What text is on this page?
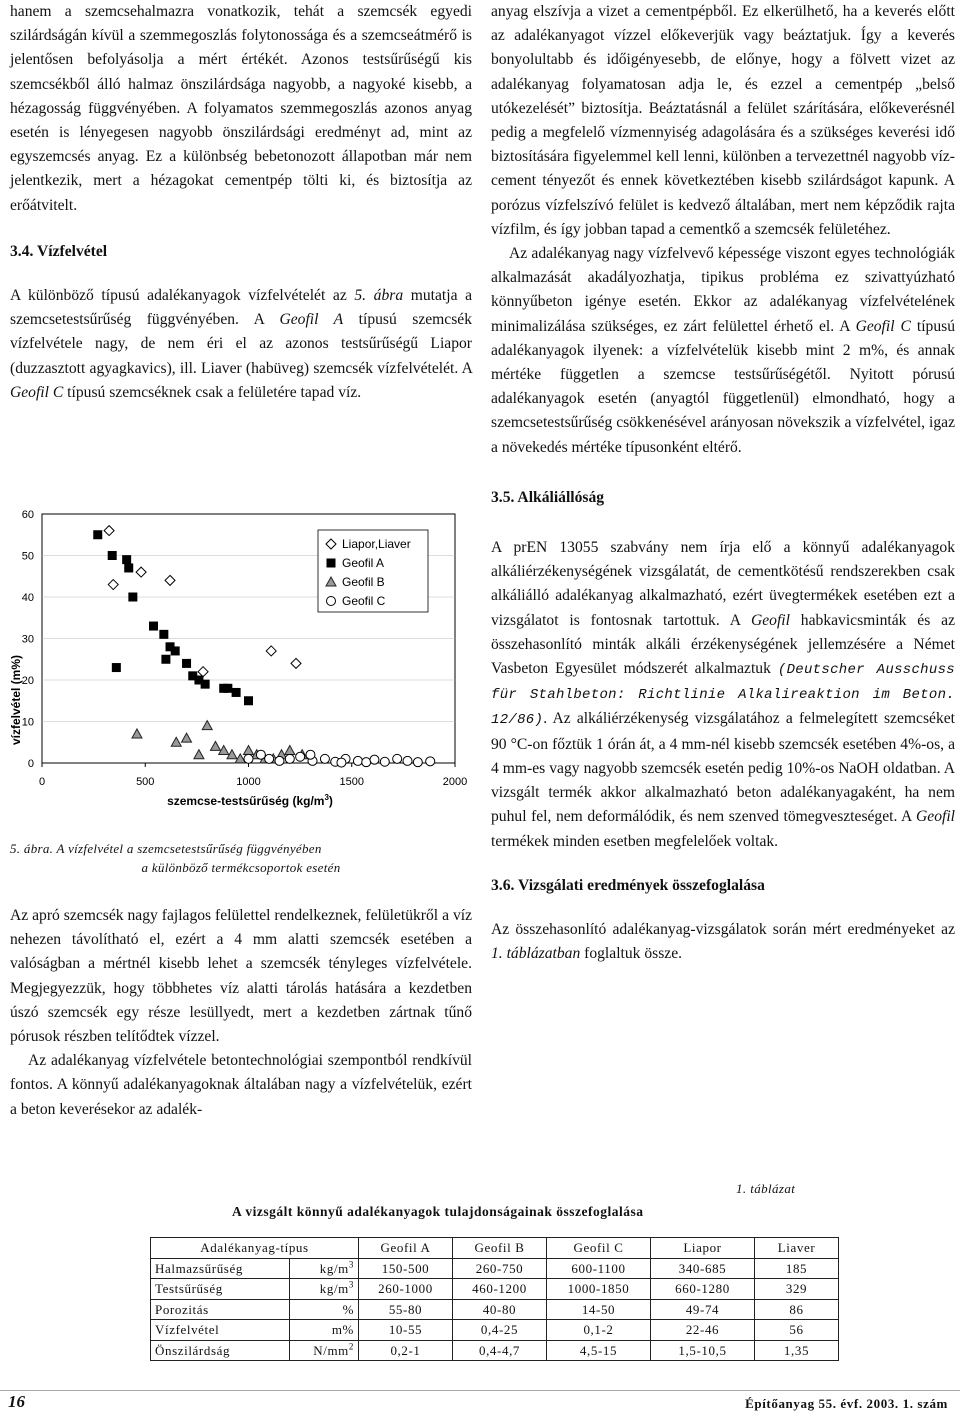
hanem a szemcsehalmazra vonatkozik, tehát a szemcsék egyedi szilárdságán kívül a szemmegoszlás folytonossága és a szemcseátmérő is jelentősen befolyásolja a mért értékét. Azonos testsűrűségű kis szemcsékből álló halmaz önszilárdsága nagyobb, a nagyoké kisebb, a hézagosság függvényében. A folyamatos szemmegoszlás azonos anyag esetén is lényegesen nagyobb önszilárdsági eredményt ad, mint az egyszemcsés anyag. Ez a különbség bebetonozott állapotban már nem jelentkezik, mert a hézagokat cementpép tölti ki, és biztosítja az erőátvitelt.

3.4. Vízfelvétel

A különböző típusú adalékanyagok vízfelvételét az 5. ábra mutatja a szemcsetestsűrűség függvényében. A Geofil A típusú szemcsék vízfelvétele nagy, de nem éri el az azonos testsűrűségű Liapor (duzzasztott agyagkavics), ill. Liaver (habüveg) szemcsék vízfelvételét. A Geofil C típusú szemcséknek csak a felületére tapad víz.

0
10
20
30
40
50
60
0	500	1000	1500	2000
Liapor,Liaver
Geofil A
Geofil B
Geofil C
vízfelvétel (m%)
szemcse-testsűrűség $(kg/m^3)$
5. ábra. A vízfelvétel a szemcsetestsűrűség függvényében
a különböző termékcsoportok esetén

Az apró szemcsék nagy fajlagos felülettel rendelkeznek, felületükről a víz nehezen távolítható el, ezért a 4 mm alatti szemcsék esetében a valóságban a mértnél kisebb lehet a szemcsék tényleges vízfelvétele. Megjegyezzük, hogy többhetes víz alatti tárolás hatására a kezdetben úszó szemcsék egy része lesüllyedt, mert a kezdetben zártnak tűnő pórusok részben telítődtek vízzel.

Az adalékanyag vízfelvétele betontechnológiai szempontból rendkívül fontos. A könnyű adalékanyagoknak általában nagy a vízfelvételük, ezért a beton keverésekor az adalék-

anyag elszívja a vizet a cementpépből. Ez elkerülhető, ha a keverés előtt az adalékanyagot vízzel előkeverjük vagy beáztatjuk. Így a keverés bonyolultabb és időigényesebb, de előnye, hogy a fölvett vizet az adalékanyag folyamatosan adja le, és ezzel a cementpép „belső utókezelését” biztosítja. Beáztatásnál a felület szárítására, előkeverésnél pedig a megfelelő vízmennyiség adagolására és a szükséges keverési idő biztosítására figyelemmel kell lenni, különben a tervezettnél nagyobb víz-cement tényezőt és ennek következtében kisebb szilárdságot kapunk. A porózus vízfelszívó felület is kedvező általában, mert nem képződik rajta vízfilm, és így jobban tapad a cementkő a szemcsék felületéhez.

Az adalékanyag nagy vízfelvevő képessége viszont egyes technológiák alkalmazását akadályozhatja, tipikus probléma ez szivattyúzható könnyűbeton igénye esetén. Ekkor az adalékanyag vízfelvételének minimalizálása szükséges, ez zárt felülettel érhető el. A Geofil C típusú adalékanyagok ilyenek: a vízfelvételük kisebb mint 2 m%, és annak mértéke független a szemcse testsűrűségétől. Nyitott pórusú adalékanyagok esetén (anyagtól függetlenül) elmondható, hogy a szemcsetestsűrűség csökkenésével arányosan növekszik a vízfelvétel, igaz a növekedés mértéke típusonként eltérő.

3.5. Alkáliállóság

A prEN 13055 szabvány nem írja elő a könnyű adalékanyagok alkáliérzékenységének vizsgálatát, de cementkötésű rendszerekben csak alkáliálló adalékanyag alkalmazható, ezért üvegtermékek esetében ezt a vizsgálatot is fontosnak tartottuk. A Geofil habkavicsminták és az összehasonlító minták alkáli érzékenységének jellemzésére a Német Vasbeton Egyesület módszerét alkalmaztuk (Deutscher Ausschuss für Stahlbeton: Richtlinie Alkalireaktion im Beton. 12/86). Az alkáliérzékenység vizsgálatához a felmelegített szemcséket 90 °C-on főztük 1 órán át, a 4 mm-nél kisebb szemcsék esetében 4%-os, a 4 mm-es vagy nagyobb szemcsék esetén pedig 10%-os NaOH oldatban. A vizsgált termék akkor alkalmazható beton adalékanyagaként, ha nem puhul fel, nem deformálódik, és nem szenved tömegveszteséget. A Geofil termékek minden esetben megfelelőek voltak.

3.6. Vizsgálati eredmények összefoglalása

Az összehasonlító adalékanyag-vizsgálatok során mért eredményeket az 1. táblázatban foglaltuk össze.

1. táblázat
A vizsgált könnyű adalékanyagok tulajdonságainak összefoglalása
Adalékanyag-típus		Geofil A	Geofil B	Geofil C	Liapor	Liaver
Halmazsűrűség	$kg/m^3$	150-500	260-750	600-1100	340-685	185
Testsűrűség	$kg/m^3$	260-1000	460-1200	1000-1850	660-1280	329
Porozitás	%	55-80	40-80	14-50	49-74	86
Vízfelvétel	m%	10-55	0,4-25	0,1-2	22-46	56
Önszilárdság	$N/mm^2$	0,2-1	0,4-4,7	4,5-15	1,5-10,5	1,35
16	Építőanyag 55. évf. 2003. 1. szám
